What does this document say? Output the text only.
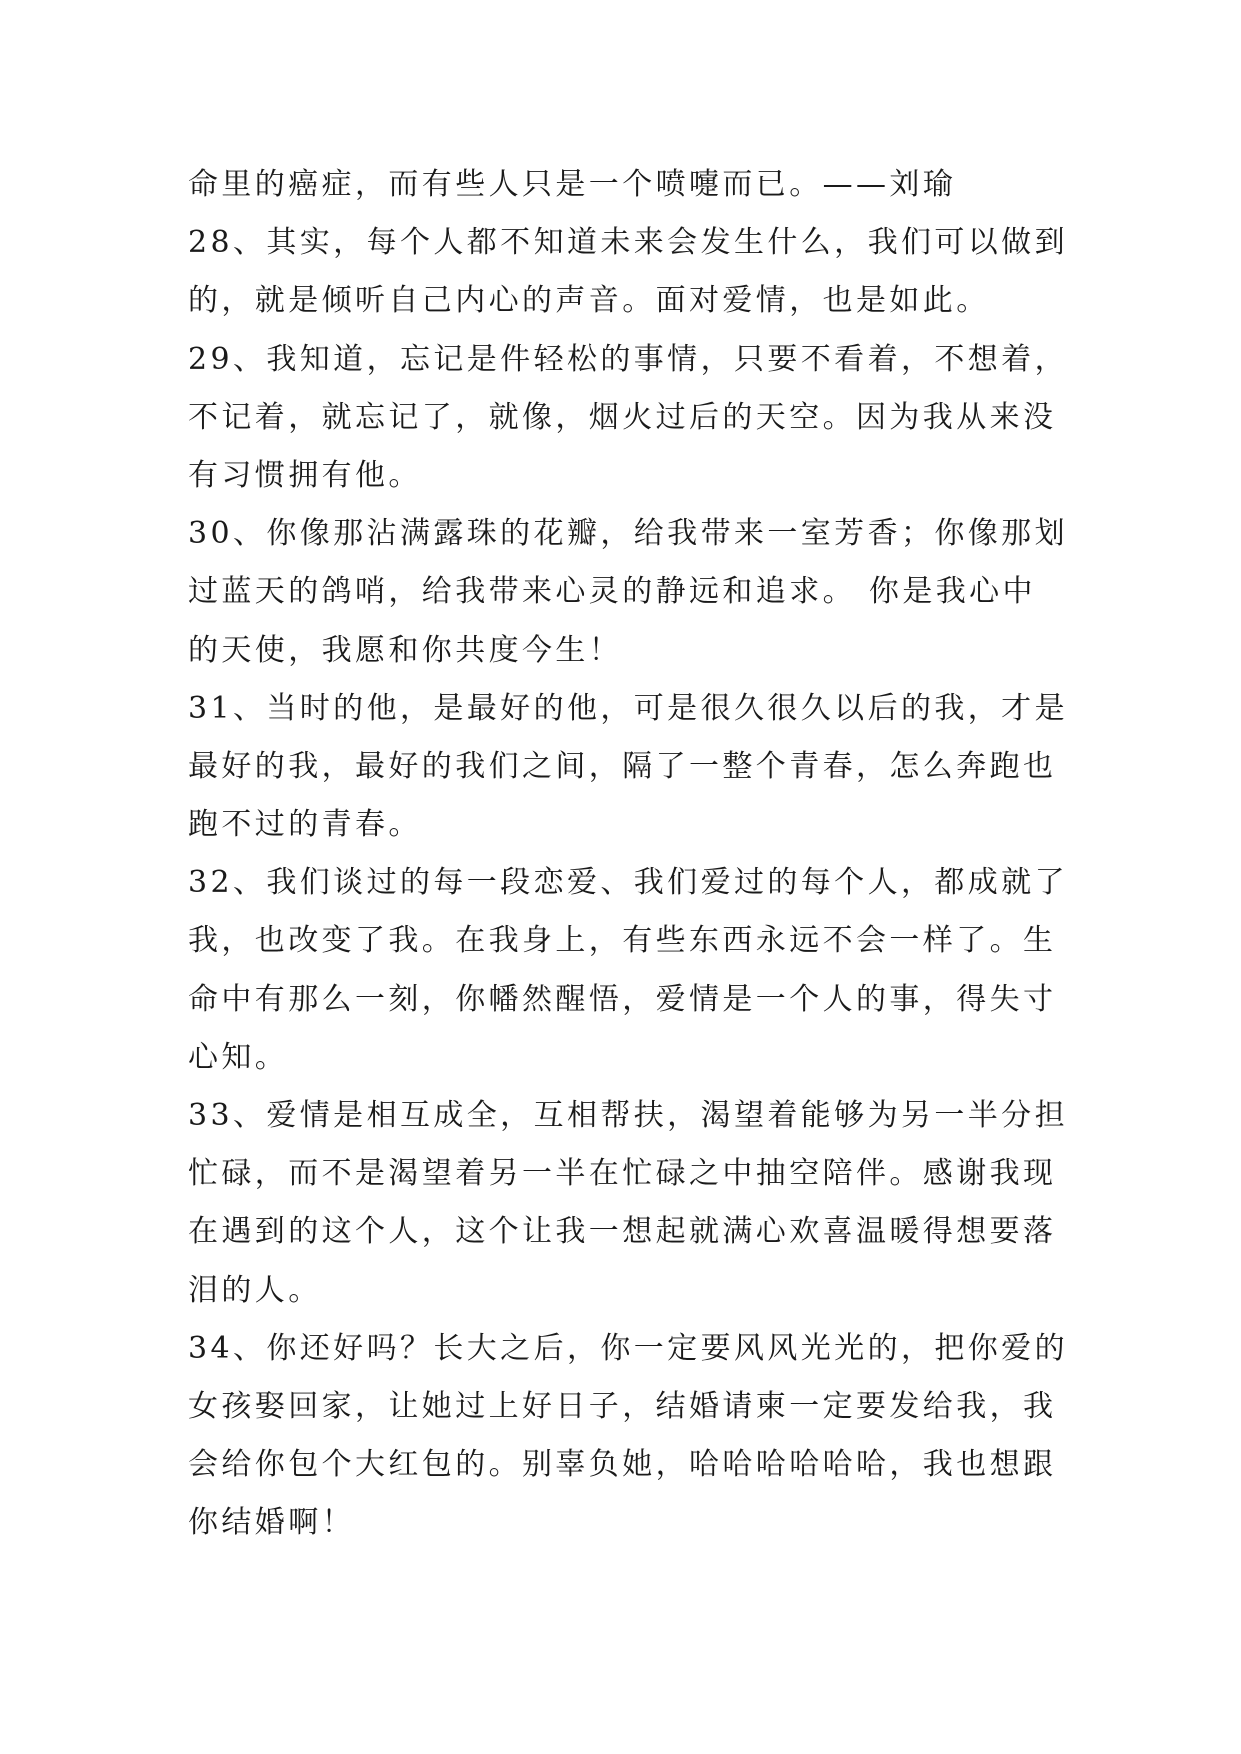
命里的癌症，而有些人只是一个喷嚏而已。——刘瑜
28、其实，每个人都不知道未来会发生什么，我们可以做到
的，就是倾听自己内心的声音。面对爱情，也是如此。
29、我知道，忘记是件轻松的事情，只要不看着，不想着，
不记着，就忘记了，就像，烟火过后的天空。因为我从来没
有习惯拥有他。
30、你像那沾满露珠的花瓣，给我带来一室芳香；你像那划
过蓝天的鸽哨，给我带来心灵的静远和追求。 你是我心中
的天使，我愿和你共度今生！
31、当时的他，是最好的他，可是很久很久以后的我，才是
最好的我，最好的我们之间，隔了一整个青春，怎么奔跑也
跑不过的青春。
32、我们谈过的每一段恋爱、我们爱过的每个人，都成就了
我，也改变了我。在我身上，有些东西永远不会一样了。生
命中有那么一刻，你幡然醒悟，爱情是一个人的事，得失寸
心知。
33、爱情是相互成全，互相帮扶，渴望着能够为另一半分担
忙碌，而不是渴望着另一半在忙碌之中抽空陪伴。感谢我现
在遇到的这个人，这个让我一想起就满心欢喜温暖得想要落
泪的人。
34、你还好吗？长大之后，你一定要风风光光的，把你爱的
女孩娶回家，让她过上好日子，结婚请柬一定要发给我，我
会给你包个大红包的。别辜负她，哈哈哈哈哈哈，我也想跟
你结婚啊！
